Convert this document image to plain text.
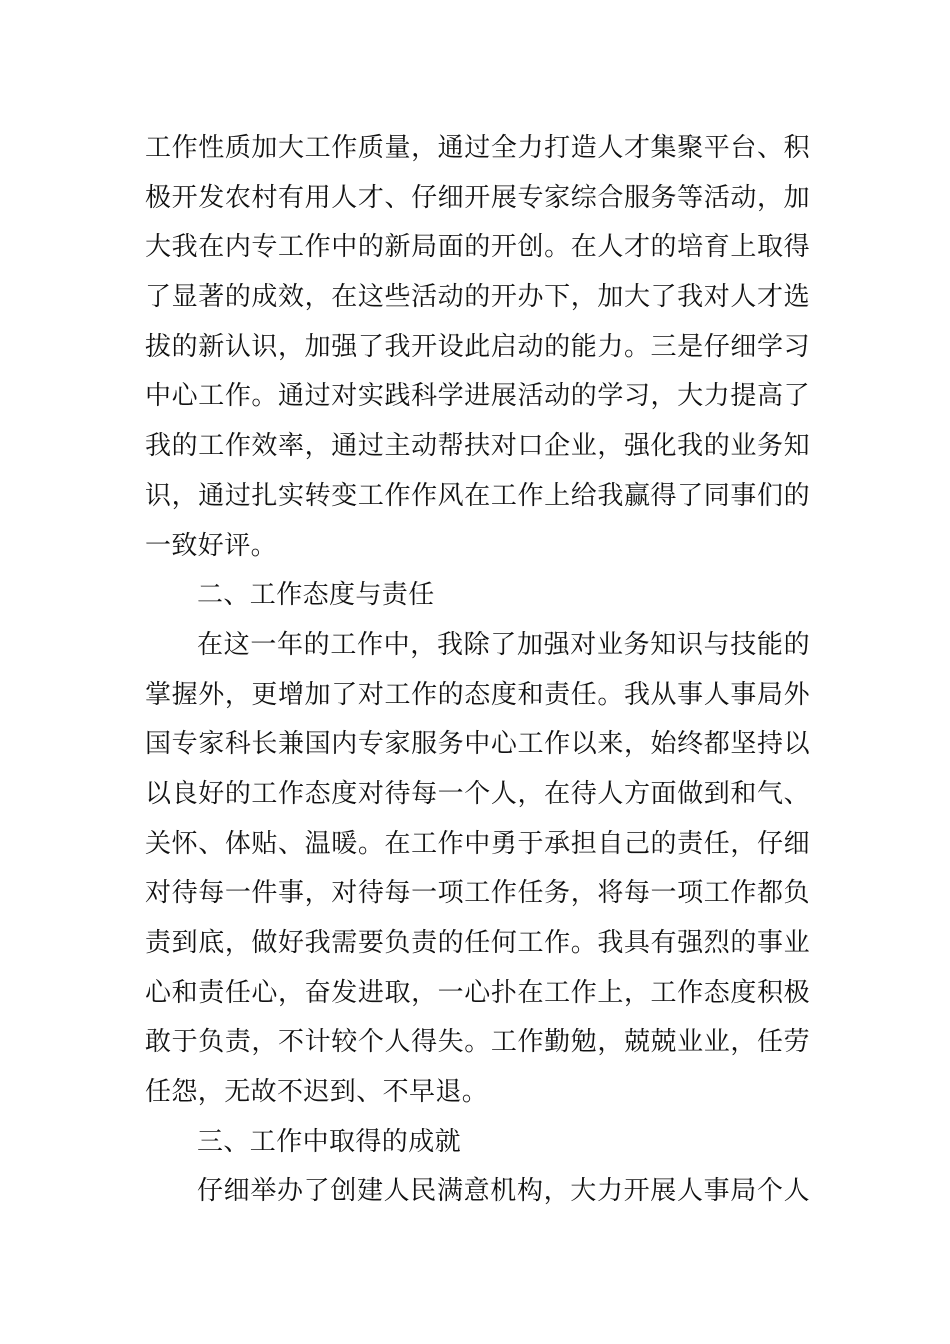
工作性质加大工作质量，通过全力打造人才集聚平台、积
极开发农村有用人才、仔细开展专家综合服务等活动，加
大我在内专工作中的新局面的开创。在人才的培育上取得
了显著的成效，在这些活动的开办下，加大了我对人才选
拔的新认识，加强了我开设此启动的能力。三是仔细学习
中心工作。通过对实践科学进展活动的学习，大力提高了
我的工作效率，通过主动帮扶对口企业，强化我的业务知
识，通过扎实转变工作作风在工作上给我赢得了同事们的
一致好评。
二、工作态度与责任
在这一年的工作中，我除了加强对业务知识与技能的
掌握外，更增加了对工作的态度和责任。我从事人事局外
国专家科长兼国内专家服务中心工作以来，始终都坚持以
以良好的工作态度对待每一个人，在待人方面做到和气、
关怀、体贴、温暖。在工作中勇于承担自己的责任，仔细
对待每一件事，对待每一项工作任务，将每一项工作都负
责到底，做好我需要负责的任何工作。我具有强烈的事业
心和责任心，奋发进取，一心扑在工作上，工作态度积极
敢于负责，不计较个人得失。工作勤勉，兢兢业业，任劳
任怨，无故不迟到、不早退。
三、工作中取得的成就
仔细举办了创建人民满意机构，大力开展人事局个人
